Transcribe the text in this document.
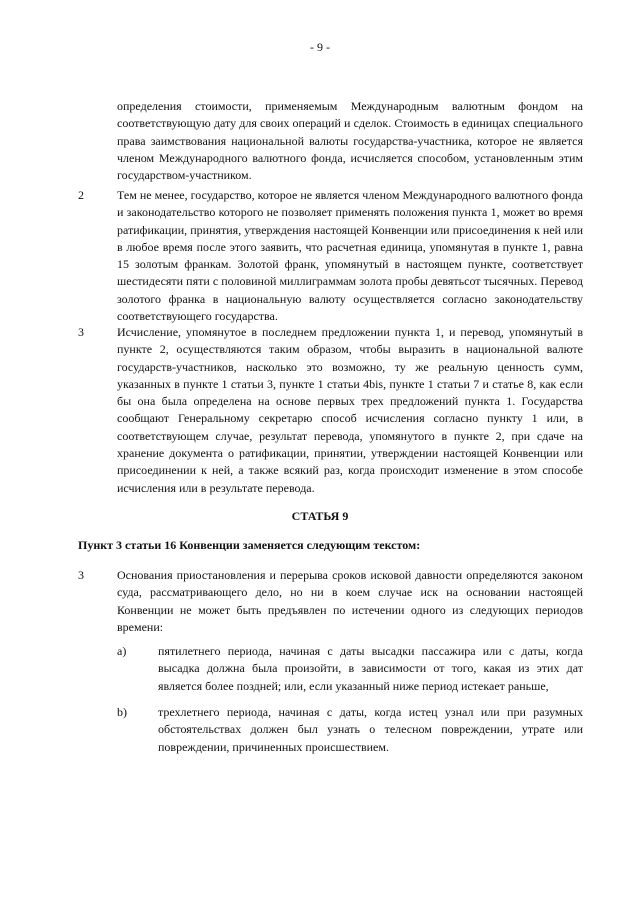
- 9 -
определения стоимости, применяемым Международным валютным фондом на соответствующую дату для своих операций и сделок. Стоимость в единицах специального права заимствования национальной валюты государства-участника, которое не является членом Международного валютного фонда, исчисляется способом, установленным этим государством-участником.
2	Тем не менее, государство, которое не является членом Международного валютного фонда и законодательство которого не позволяет применять положения пункта 1, может во время ратификации, принятия, утверждения настоящей Конвенции или присоединения к ней или в любое время после этого заявить, что расчетная единица, упомянутая в пункте 1, равна 15 золотым франкам. Золотой франк, упомянутый в настоящем пункте, соответствует шестидесяти пяти с половиной миллиграммам золота пробы девятьсот тысячных. Перевод золотого франка в национальную валюту осуществляется согласно законодательству соответствующего государства.
3	Исчисление, упомянутое в последнем предложении пункта 1, и перевод, упомянутый в пункте 2, осуществляются таким образом, чтобы выразить в национальной валюте государств-участников, насколько это возможно, ту же реальную ценность сумм, указанных в пункте 1 статьи 3, пункте 1 статьи 4bis, пункте 1 статьи 7 и статье 8, как если бы она была определена на основе первых трех предложений пункта 1. Государства сообщают Генеральному секретарю способ исчисления согласно пункту 1 или, в соответствующем случае, результат перевода, упомянутого в пункте 2, при сдаче на хранение документа о ратификации, принятии, утверждении настоящей Конвенции или присоединении к ней, а также всякий раз, когда происходит изменение в этом способе исчисления или в результате перевода.
СТАТЬЯ 9
Пункт 3 статьи 16 Конвенции заменяется следующим текстом:
3	Основания приостановления и перерыва сроков исковой давности определяются законом суда, рассматривающего дело, но ни в коем случае иск на основании настоящей Конвенции не может быть предъявлен по истечении одного из следующих периодов времени:
a)	пятилетнего периода, начиная с даты высадки пассажира или с даты, когда высадка должна была произойти, в зависимости от того, какая из этих дат является более поздней; или, если указанный ниже период истекает раньше,
b)	трехлетнего периода, начиная с даты, когда истец узнал или при разумных обстоятельствах должен был узнать о телесном повреждении, утрате или повреждении, причиненных происшествием.
